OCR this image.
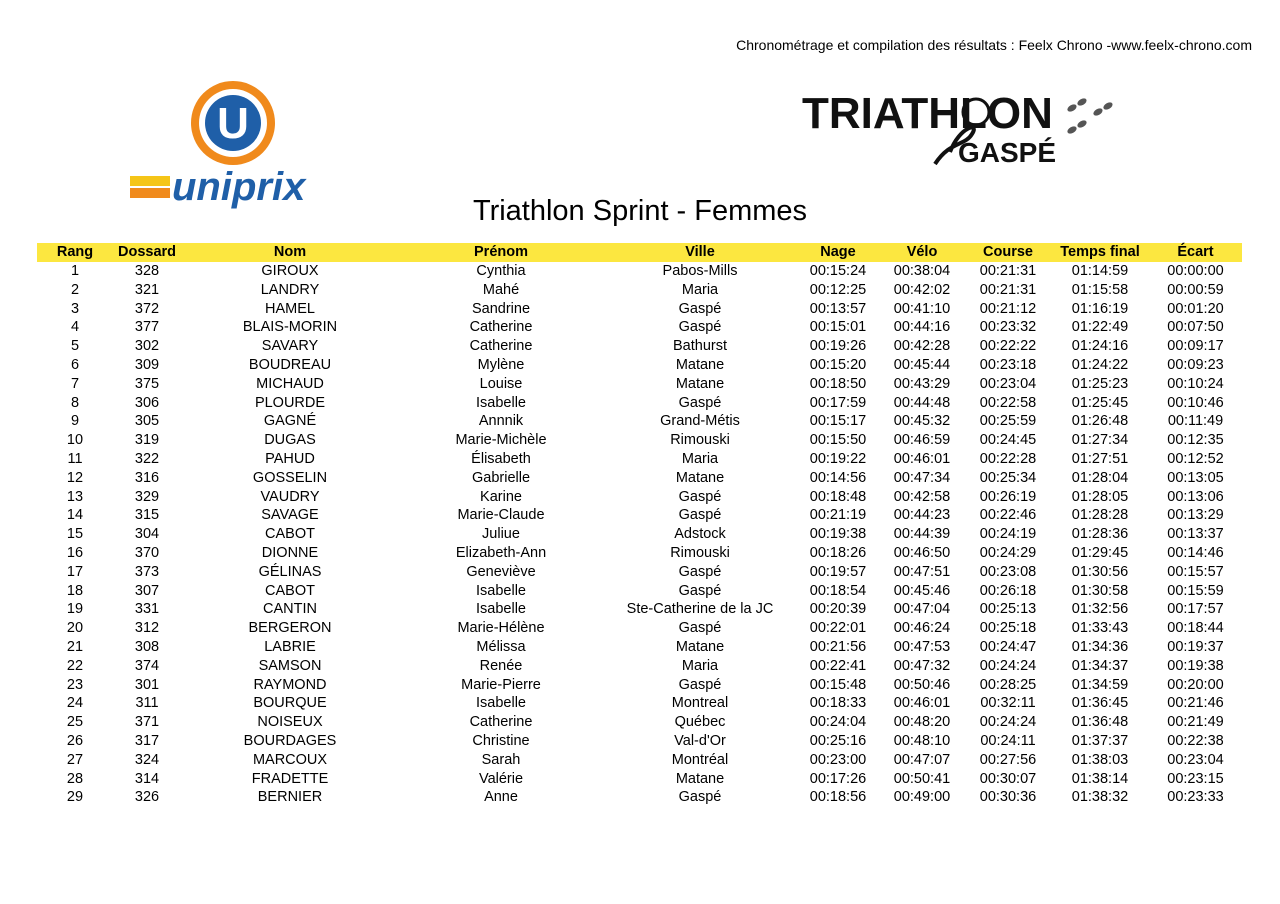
Chronométrage et compilation des résultats : Feelx Chrono -www.feelx-chrono.com
U
uniprix
TRIATHLON
GASPÉ
Triathlon Sprint - Femmes
Rang	Dossard	Nom	Prénom	Ville	Nage	Vélo	Course	Temps final	Écart
1	328	GIROUX	Cynthia	Pabos-Mills	00:15:24	00:38:04	00:21:31	01:14:59	00:00:00
2	321	LANDRY	Mahé	Maria	00:12:25	00:42:02	00:21:31	01:15:58	00:00:59
3	372	HAMEL	Sandrine	Gaspé	00:13:57	00:41:10	00:21:12	01:16:19	00:01:20
4	377	BLAIS-MORIN	Catherine	Gaspé	00:15:01	00:44:16	00:23:32	01:22:49	00:07:50
5	302	SAVARY	Catherine	Bathurst	00:19:26	00:42:28	00:22:22	01:24:16	00:09:17
6	309	BOUDREAU	Mylène	Matane	00:15:20	00:45:44	00:23:18	01:24:22	00:09:23
7	375	MICHAUD	Louise	Matane	00:18:50	00:43:29	00:23:04	01:25:23	00:10:24
8	306	PLOURDE	Isabelle	Gaspé	00:17:59	00:44:48	00:22:58	01:25:45	00:10:46
9	305	GAGNÉ	Annnik	Grand-Métis	00:15:17	00:45:32	00:25:59	01:26:48	00:11:49
10	319	DUGAS	Marie-Michèle	Rimouski	00:15:50	00:46:59	00:24:45	01:27:34	00:12:35
11	322	PAHUD	Élisabeth	Maria	00:19:22	00:46:01	00:22:28	01:27:51	00:12:52
12	316	GOSSELIN	Gabrielle	Matane	00:14:56	00:47:34	00:25:34	01:28:04	00:13:05
13	329	VAUDRY	Karine	Gaspé	00:18:48	00:42:58	00:26:19	01:28:05	00:13:06
14	315	SAVAGE	Marie-Claude	Gaspé	00:21:19	00:44:23	00:22:46	01:28:28	00:13:29
15	304	CABOT	Juliue	Adstock	00:19:38	00:44:39	00:24:19	01:28:36	00:13:37
16	370	DIONNE	Elizabeth-Ann	Rimouski	00:18:26	00:46:50	00:24:29	01:29:45	00:14:46
17	373	GÉLINAS	Geneviève	Gaspé	00:19:57	00:47:51	00:23:08	01:30:56	00:15:57
18	307	CABOT	Isabelle	Gaspé	00:18:54	00:45:46	00:26:18	01:30:58	00:15:59
19	331	CANTIN	Isabelle	Ste-Catherine de la JC	00:20:39	00:47:04	00:25:13	01:32:56	00:17:57
20	312	BERGERON	Marie-Hélène	Gaspé	00:22:01	00:46:24	00:25:18	01:33:43	00:18:44
21	308	LABRIE	Mélissa	Matane	00:21:56	00:47:53	00:24:47	01:34:36	00:19:37
22	374	SAMSON	Renée	Maria	00:22:41	00:47:32	00:24:24	01:34:37	00:19:38
23	301	RAYMOND	Marie-Pierre	Gaspé	00:15:48	00:50:46	00:28:25	01:34:59	00:20:00
24	311	BOURQUE	Isabelle	Montreal	00:18:33	00:46:01	00:32:11	01:36:45	00:21:46
25	371	NOISEUX	Catherine	Québec	00:24:04	00:48:20	00:24:24	01:36:48	00:21:49
26	317	BOURDAGES	Christine	Val-d'Or	00:25:16	00:48:10	00:24:11	01:37:37	00:22:38
27	324	MARCOUX	Sarah	Montréal	00:23:00	00:47:07	00:27:56	01:38:03	00:23:04
28	314	FRADETTE	Valérie	Matane	00:17:26	00:50:41	00:30:07	01:38:14	00:23:15
29	326	BERNIER	Anne	Gaspé	00:18:56	00:49:00	00:30:36	01:38:32	00:23:33
